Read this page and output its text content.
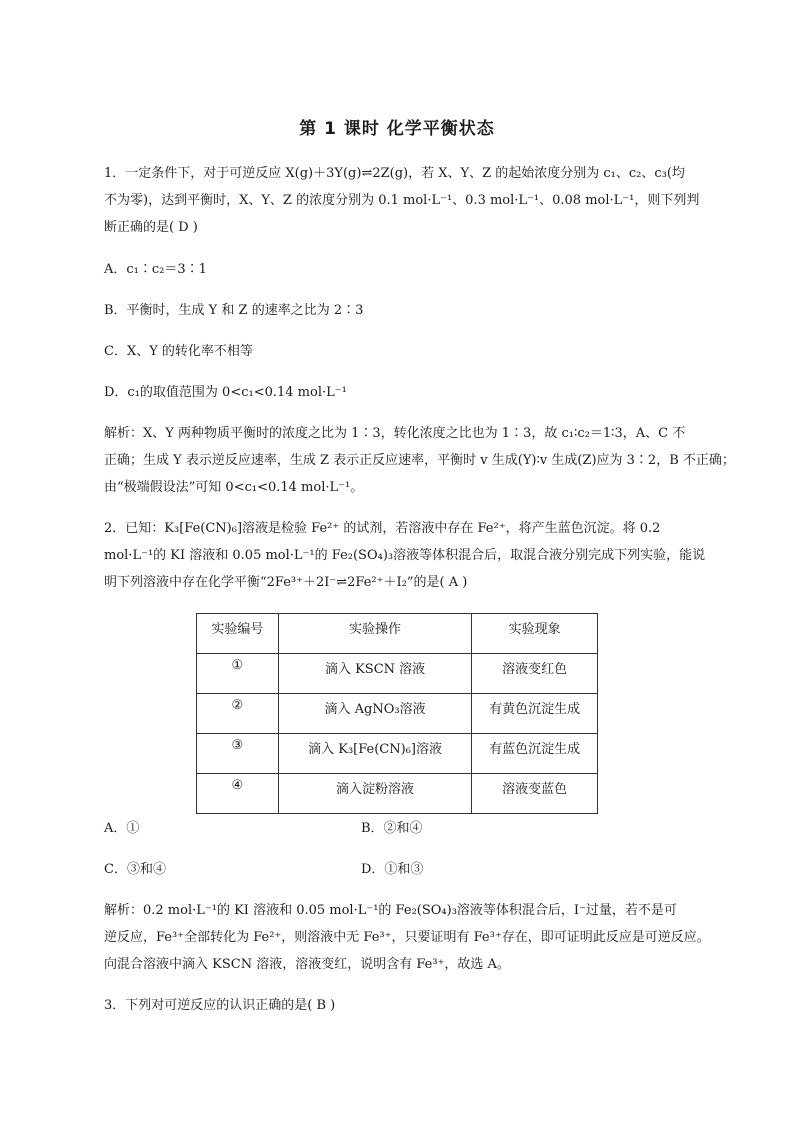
第 1 课时 化学平衡状态
1．一定条件下，对于可逆反应 X(g)＋3Y(g)⇌2Z(g)，若 X、Y、Z 的起始浓度分别为 c₁、c₂、c₃(均
不为零)，达到平衡时，X、Y、Z 的浓度分别为 0.1 mol·L⁻¹、0.3 mol·L⁻¹、0.08 mol·L⁻¹，则下列判
断正确的是( D )
A．c₁∶c₂＝3∶1
B．平衡时，生成 Y 和 Z 的速率之比为 2∶3
C．X、Y 的转化率不相等
D．c₁的取值范围为 0<c₁<0.14 mol·L⁻¹
解析：X、Y 两种物质平衡时的浓度之比为 1∶3，转化浓度之比也为 1∶3，故 c₁∶c₂＝1∶3，A、C 不
正确；生成 Y 表示逆反应速率，生成 Z 表示正反应速率，平衡时 v 生成(Y)∶v 生成(Z)应为 3∶2，B 不正确；
由“极端假设法”可知 0<c₁<0.14 mol·L⁻¹。
2．已知：K₃[Fe(CN)₆]溶液是检验 Fe²⁺ 的试剂，若溶液中存在 Fe²⁺，将产生蓝色沉淀。将 0.2
mol·L⁻¹的 KI 溶液和 0.05 mol·L⁻¹的 Fe₂(SO₄)₃溶液等体积混合后，取混合液分别完成下列实验，能说
明下列溶液中存在化学平衡“2Fe³⁺＋2I⁻⇌2Fe²⁺＋I₂”的是( A )
实验编号	实验操作	实验现象
①	滴入 KSCN 溶液	溶液变红色
②	滴入 AgNO₃溶液	有黄色沉淀生成
③	滴入 K₃[Fe(CN)₆]溶液	有蓝色沉淀生成
④	滴入淀粉溶液	溶液变蓝色
A．①	B．②和④
C．③和④	D．①和③
解析：0.2 mol·L⁻¹的 KI 溶液和 0.05 mol·L⁻¹的 Fe₂(SO₄)₃溶液等体积混合后，I⁻过量，若不是可
逆反应，Fe³⁺全部转化为 Fe²⁺，则溶液中无 Fe³⁺，只要证明有 Fe³⁺存在，即可证明此反应是可逆反应。
向混合溶液中滴入 KSCN 溶液，溶液变红，说明含有 Fe³⁺，故选 A。
3．下列对可逆反应的认识正确的是( B )
